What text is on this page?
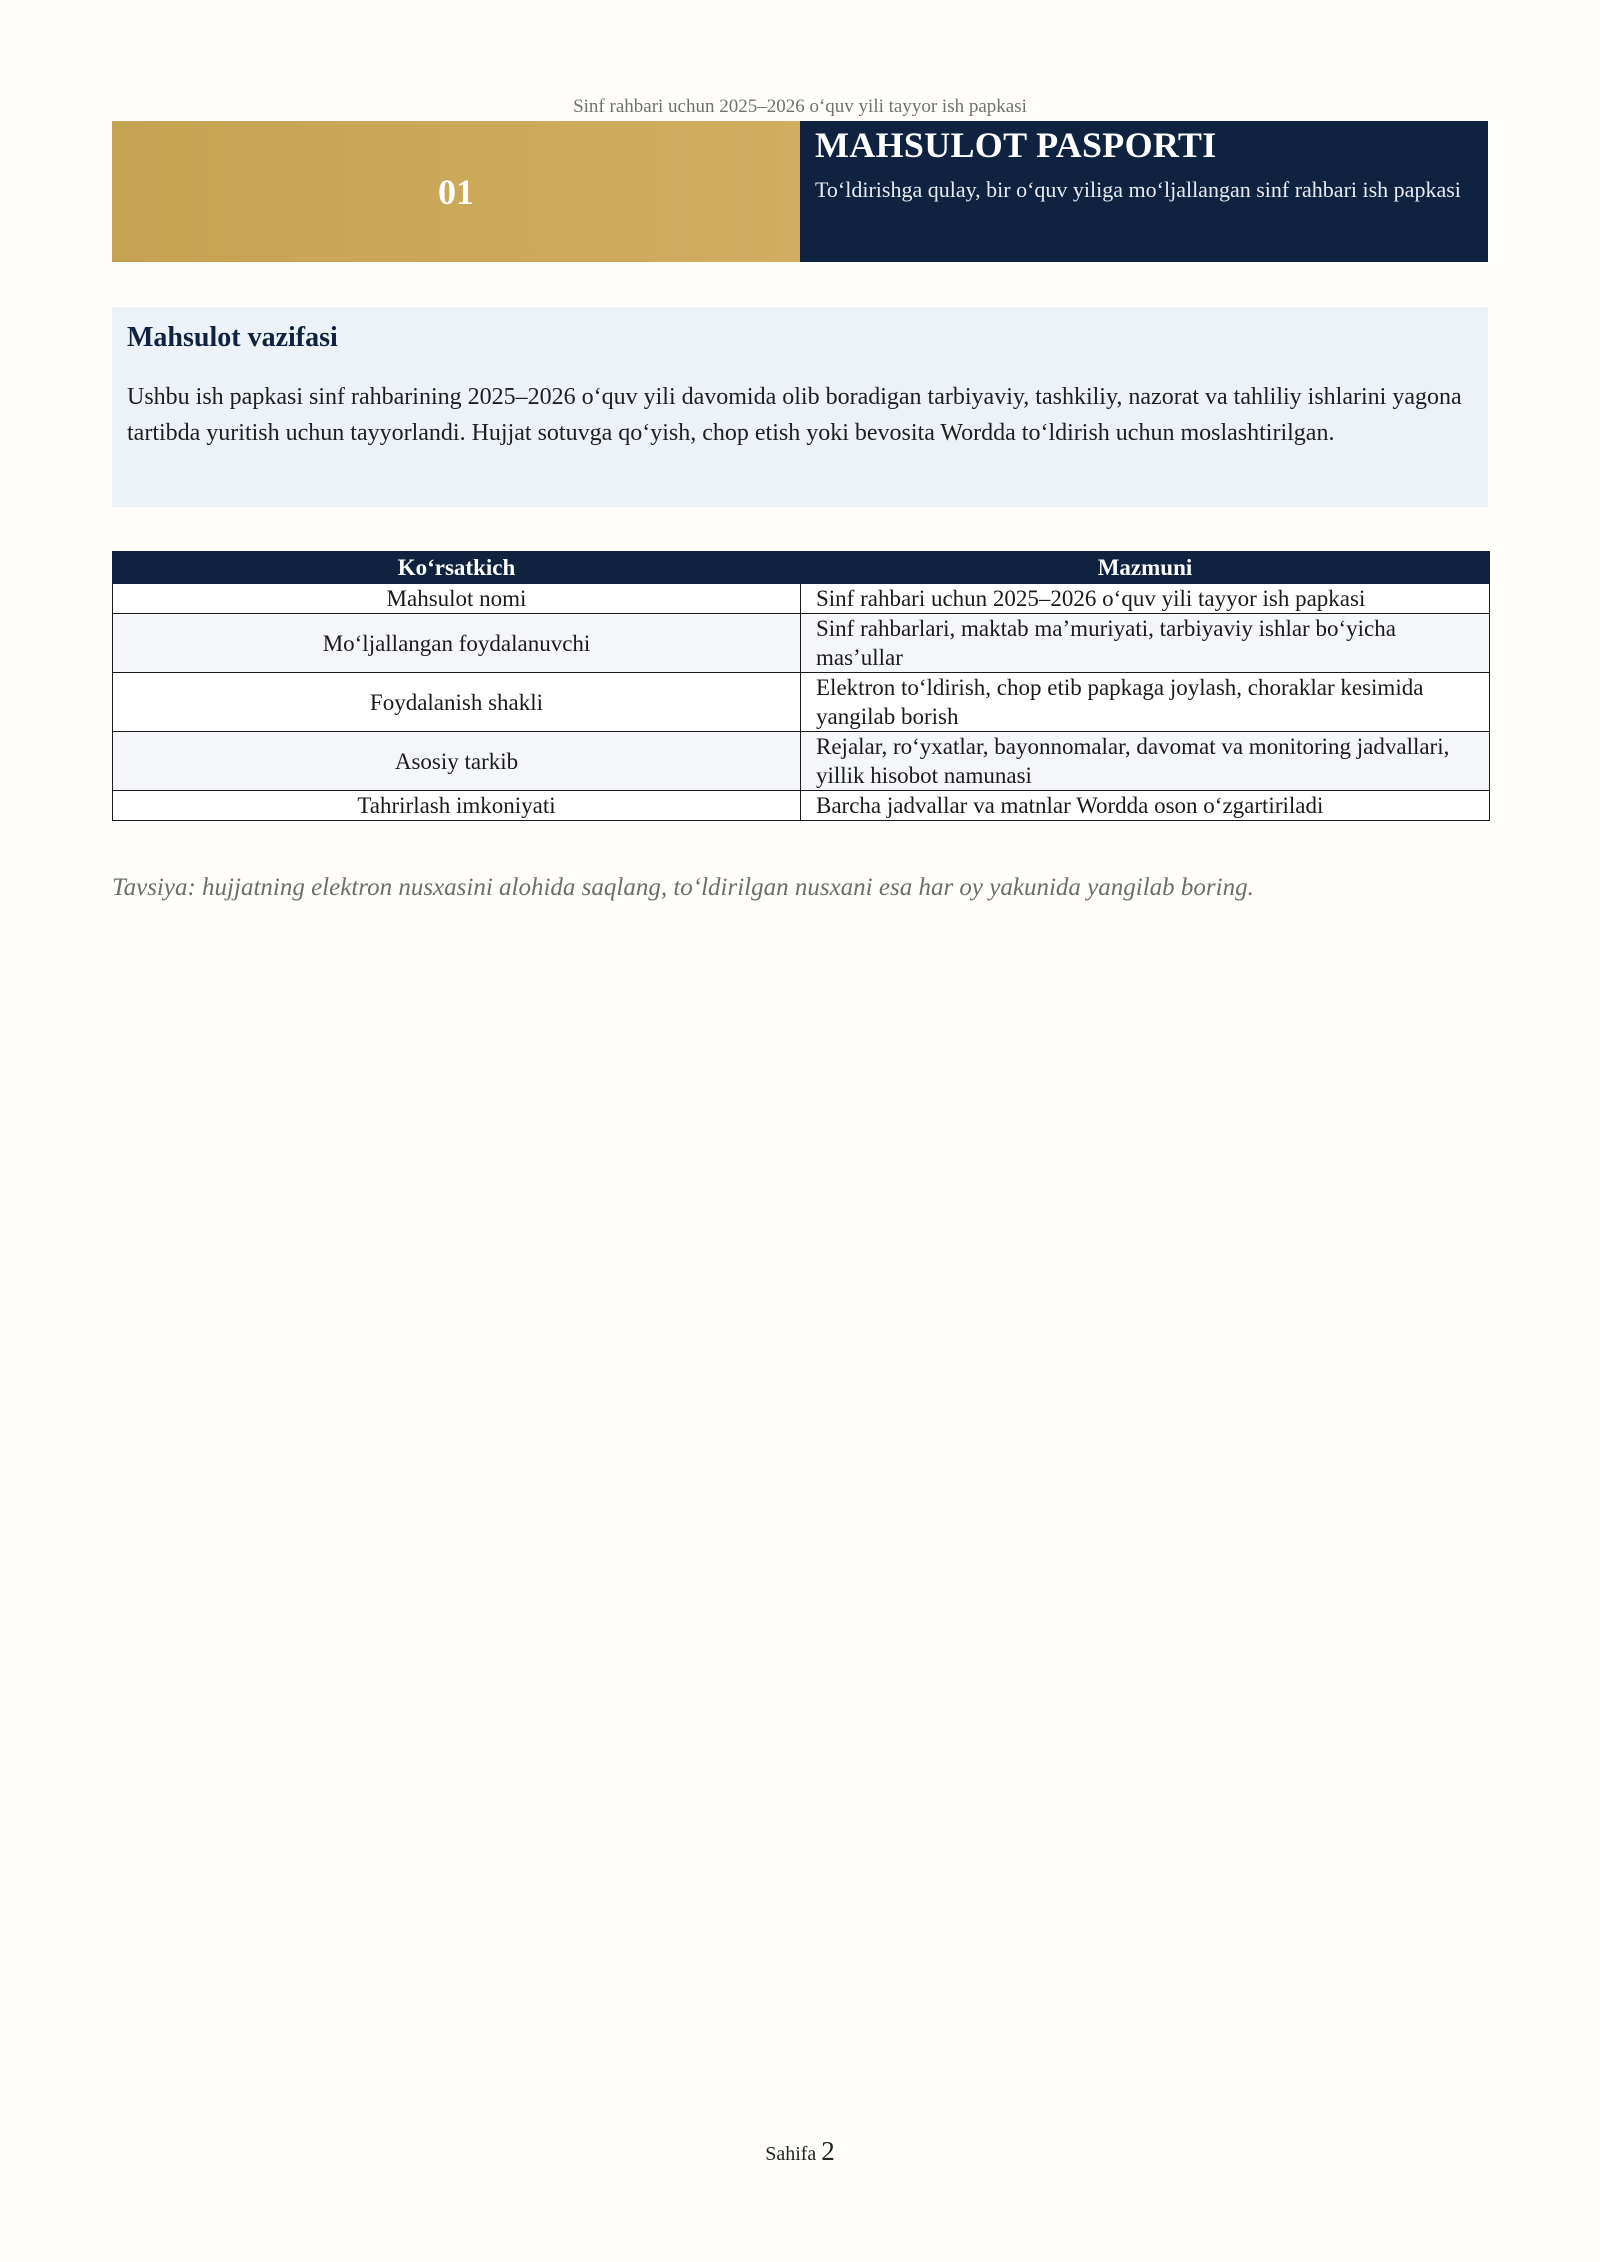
Sinf rahbari uchun 2025–2026 o‘quv yili tayyor ish papkasi
01
MAHSULOT PASPORTI
To‘ldirishga qulay, bir o‘quv yiliga mo‘ljallangan sinf rahbari ish papkasi
Mahsulot vazifasi
Ushbu ish papkasi sinf rahbarining 2025–2026 o‘quv yili davomida olib boradigan tarbiyaviy, tashkiliy, nazorat va tahliliy ishlarini yagona tartibda yuritish uchun tayyorlandi. Hujjat sotuvga qo‘yish, chop etish yoki bevosita Wordda to‘ldirish uchun moslashtirilgan.
Ko‘rsatkich	Mazmuni
Mahsulot nomi	Sinf rahbari uchun 2025–2026 o‘quv yili tayyor ish papkasi
Mo‘ljallangan foydalanuvchi	Sinf rahbarlari, maktab ma’muriyati, tarbiyaviy ishlar bo‘yicha mas’ullar
Foydalanish shakli	Elektron to‘ldirish, chop etib papkaga joylash, choraklar kesimida yangilab borish
Asosiy tarkib	Rejalar, ro‘yxatlar, bayonnomalar, davomat va monitoring jadvallari, yillik hisobot namunasi
Tahrirlash imkoniyati	Barcha jadvallar va matnlar Wordda oson o‘zgartiriladi
Tavsiya: hujjatning elektron nusxasini alohida saqlang, to‘ldirilgan nusxani esa har oy yakunida yangilab boring.
Sahifa 2
